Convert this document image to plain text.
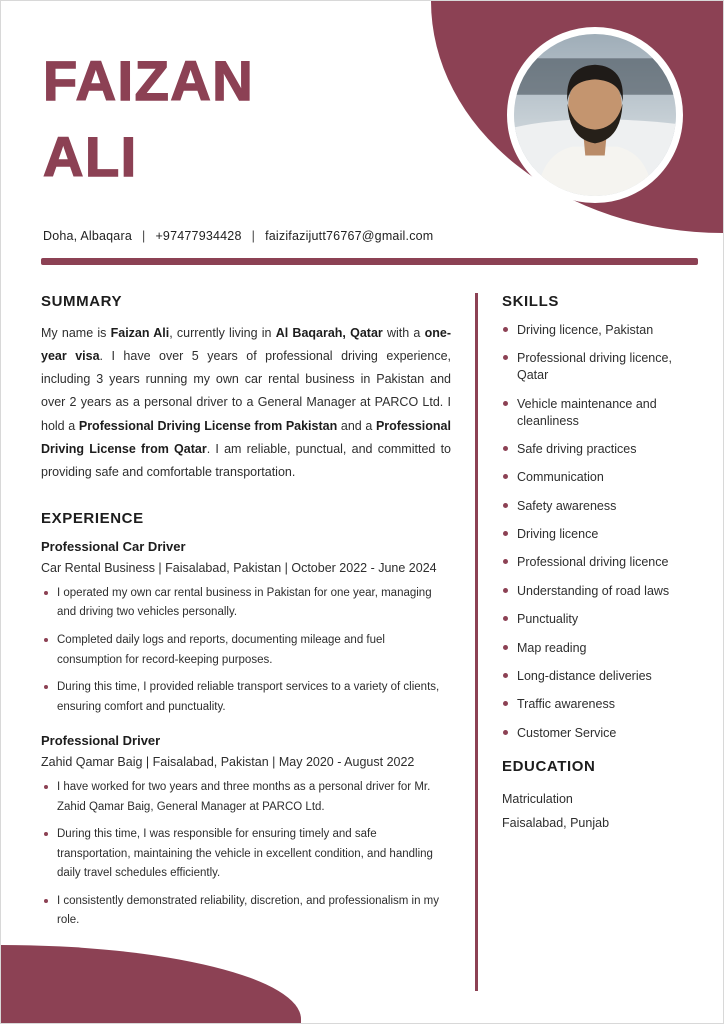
FAIZAN
ALI
Doha, Albaqara | +97477934428 | faizifazijutt76767@gmail.com
SUMMARY

My name is Faizan Ali, currently living in Al Baqarah, Qatar with a one-year visa. I have over 5 years of professional driving experience, including 3 years running my own car rental business in Pakistan and over 2 years as a personal driver to a General Manager at PARCO Ltd. I hold a Professional Driving License from Pakistan and a Professional Driving License from Qatar. I am reliable, punctual, and committed to providing safe and comfortable transportation.

EXPERIENCE
Professional Car Driver
Car Rental Business | Faisalabad, Pakistan | October 2022 - June 2024
I operated my own car rental business in Pakistan for one year, managing and driving two vehicles personally.
Completed daily logs and reports, documenting mileage and fuel consumption for record-keeping purposes.
During this time, I provided reliable transport services to a variety of clients, ensuring comfort and punctuality.
Professional Driver
Zahid Qamar Baig | Faisalabad, Pakistan | May 2020 - August 2022
I have worked for two years and three months as a personal driver for Mr. Zahid Qamar Baig, General Manager at PARCO Ltd.
During this time, I was responsible for ensuring timely and safe transportation, maintaining the vehicle in excellent condition, and handling daily travel schedules efficiently.
I consistently demonstrated reliability, discretion, and professionalism in my role.
SKILLS
Driving licence, Pakistan
Professional driving licence, Qatar
Vehicle maintenance and cleanliness
Safe driving practices
Communication
Safety awareness
Driving licence
Professional driving licence
Understanding of road laws
Punctuality
Map reading
Long-distance deliveries
Traffic awareness
Customer Service
EDUCATION
Matriculation
Faisalabad, Punjab
